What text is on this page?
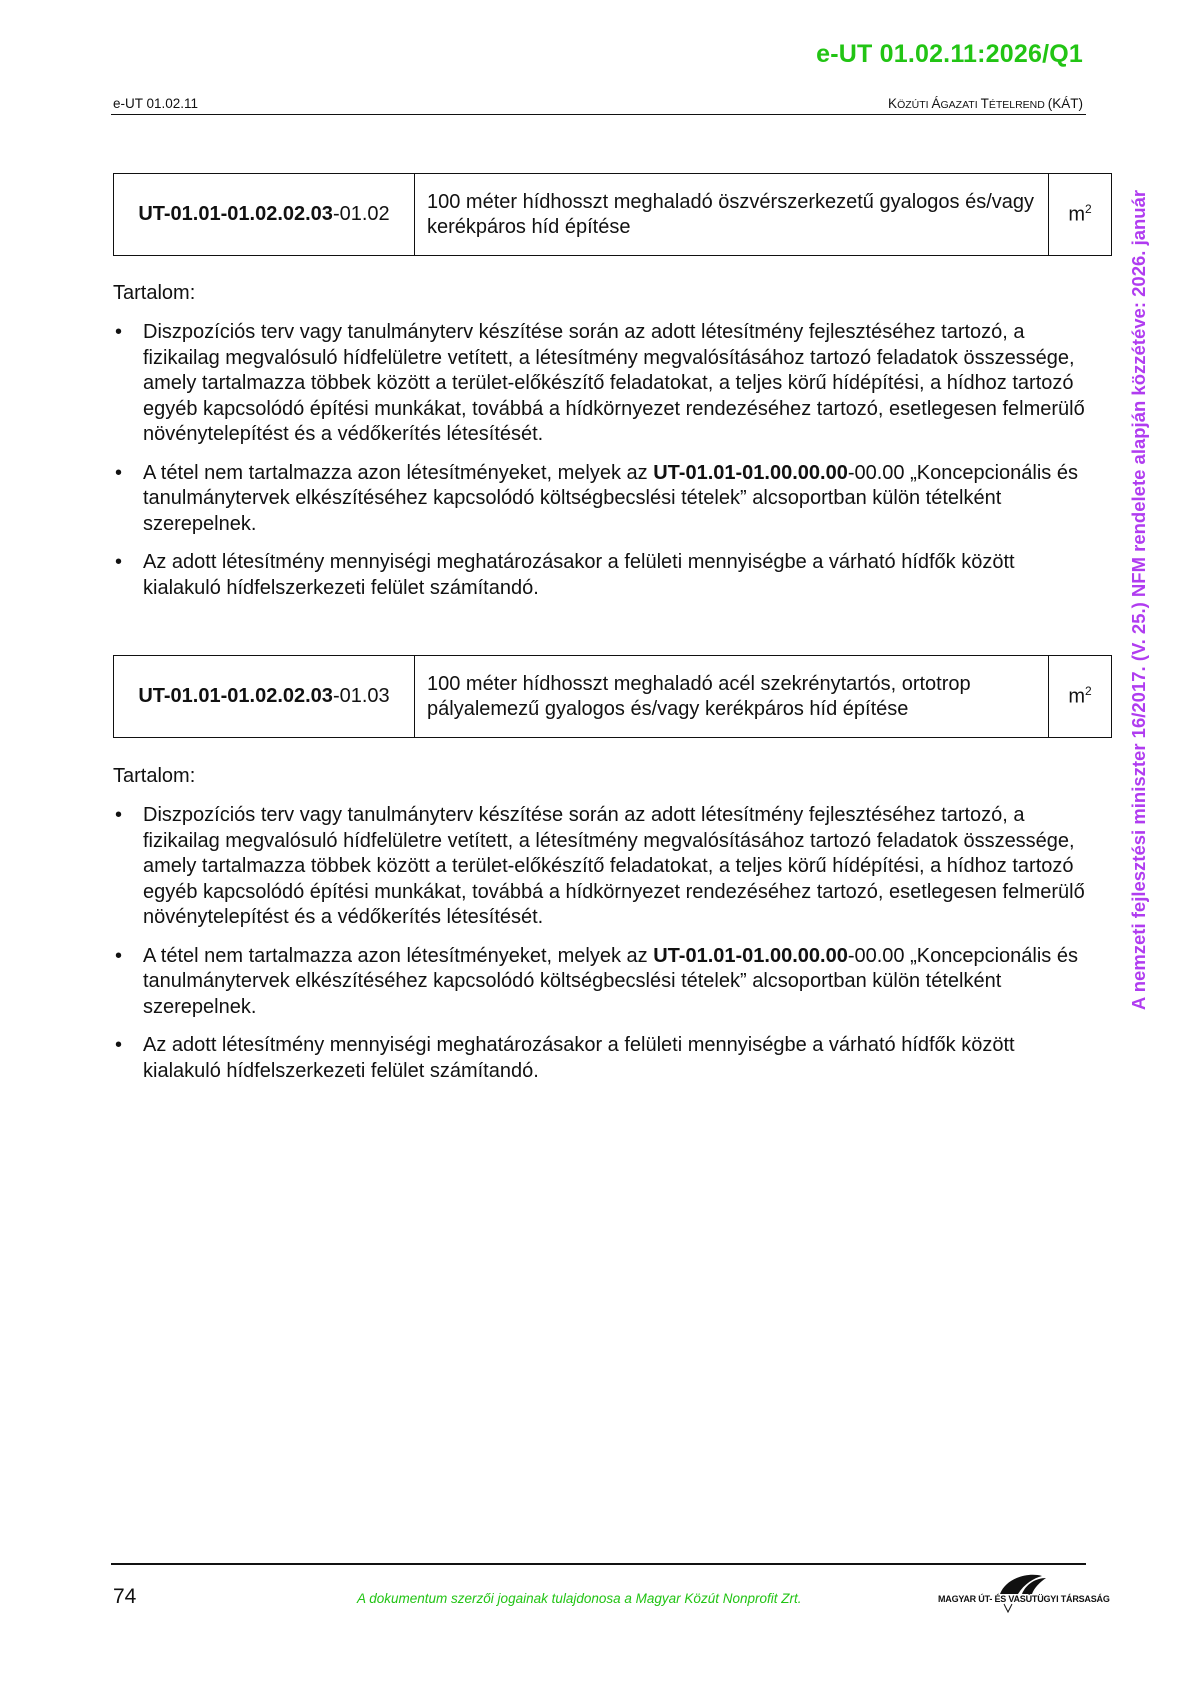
e-UT 01.02.11:2026/Q1
e-UT 01.02.11	KÖZÚTI ÁGAZATI TÉTELREND (KÁT)
UT-01.01-01.02.02.03-01.02	100 méter hídhosszt meghaladó öszvérszerkezetű gyalogos és/vagy kerékpáros híd építése	$m^2$
Tartalom:
• Diszpozíciós terv vagy tanulmányterv készítése során az adott létesítmény fejlesztéséhez tartozó, a fizikailag megvalósuló hídfelületre vetített, a létesítmény megvalósításához tartozó feladatok összessége, amely tartalmazza többek között a terület-előkészítő feladatokat, a teljes körű hídépítési, a hídhoz tartozó egyéb kapcsolódó építési munkákat, továbbá a hídkörnyezet rendezéséhez tartozó, esetlegesen felmerülő növénytelepítést és a védőkerítés létesítését.
• A tétel nem tartalmazza azon létesítményeket, melyek az UT-01.01-01.00.00.00-00.00 „Koncepcionális és tanulmánytervek elkészítéséhez kapcsolódó költségbecslési tételek” alcsoportban külön tételként szerepelnek.
• Az adott létesítmény mennyiségi meghatározásakor a felületi mennyiségbe a várható hídfők között kialakuló hídfelszerkezeti felület számítandó.
UT-01.01-01.02.02.03-01.03	100 méter hídhosszt meghaladó acél szekrénytartós, ortotrop pályalemezű gyalogos és/vagy kerékpáros híd építése	$m^2$
Tartalom:
• Diszpozíciós terv vagy tanulmányterv készítése során az adott létesítmény fejlesztéséhez tartozó, a fizikailag megvalósuló hídfelületre vetített, a létesítmény megvalósításához tartozó feladatok összessége, amely tartalmazza többek között a terület-előkészítő feladatokat, a teljes körű hídépítési, a hídhoz tartozó egyéb kapcsolódó építési munkákat, továbbá a hídkörnyezet rendezéséhez tartozó, esetlegesen felmerülő növénytelepítést és a védőkerítés létesítését.
• A tétel nem tartalmazza azon létesítményeket, melyek az UT-01.01-01.00.00.00-00.00 „Koncepcionális és tanulmánytervek elkészítéséhez kapcsolódó költségbecslési tételek” alcsoportban külön tételként szerepelnek.
• Az adott létesítmény mennyiségi meghatározásakor a felületi mennyiségbe a várható hídfők között kialakuló hídfelszerkezeti felület számítandó.
A nemzeti fejlesztési miniszter 16/2017. (V. 25.) NFM rendelete alapján közzétéve: 2026. január
74	A dokumentum szerzői jogainak tulajdonosa a Magyar Közút Nonprofit Zrt.	MAGYAR ÚT- ÉS VASÚTÜGYI TÁRSASÁG
